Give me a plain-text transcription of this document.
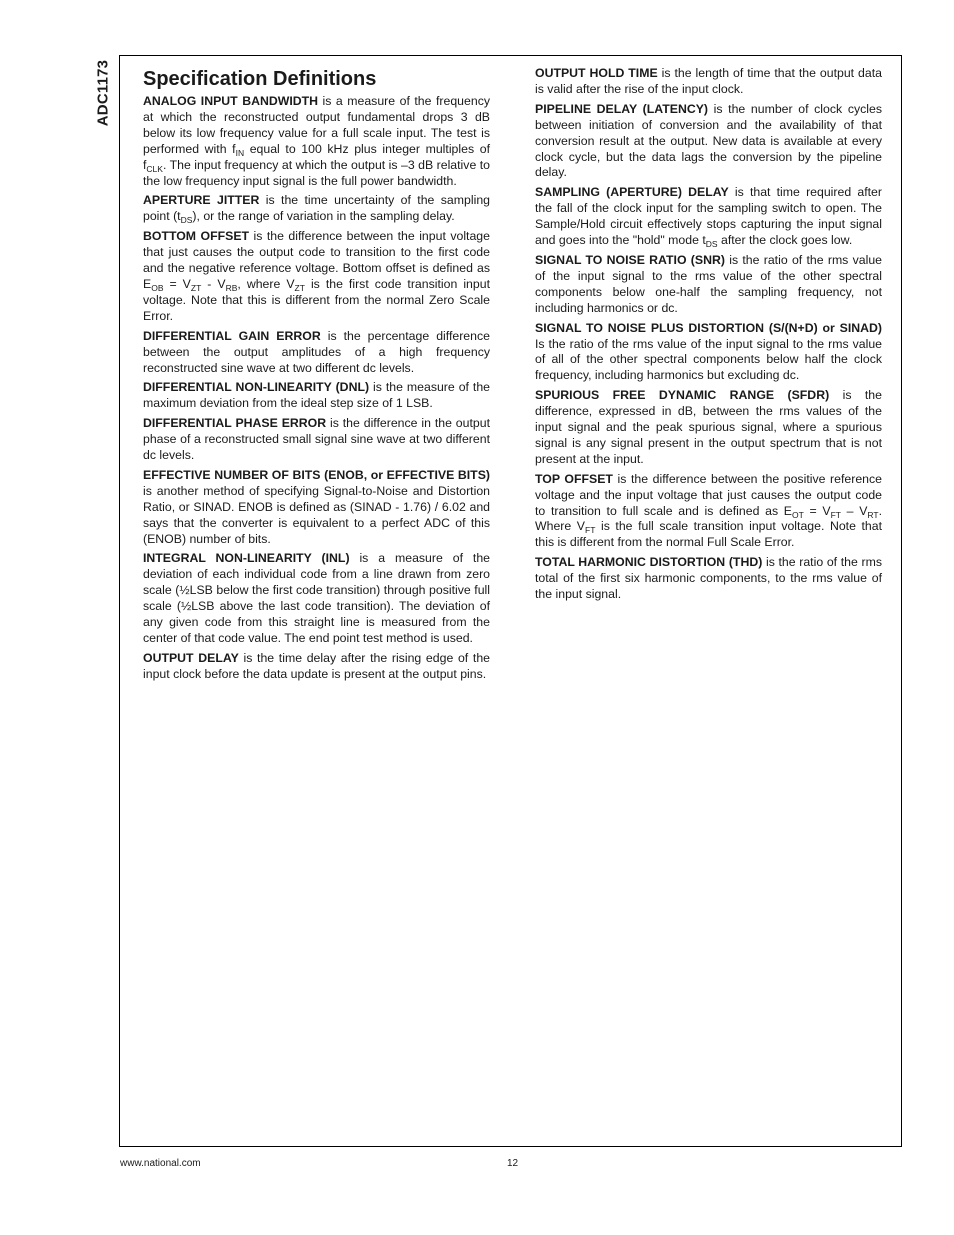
ADC1173 Specification Definitions

ANALOG INPUT BANDWIDTH is a measure of the frequency at which the reconstructed output fundamental drops 3 dB below its low frequency value for a full scale input. The test is performed with $f_{IN}$ equal to 100 kHz plus integer multiples of $f_{CLK}$. The input frequency at which the output is –3 dB relative to the low frequency input signal is the full power bandwidth.

APERTURE JITTER is the time uncertainty of the sampling point $(t_{DS})$, or the range of variation in the sampling delay.

BOTTOM OFFSET is the difference between the input voltage that just causes the output code to transition to the first code and the negative reference voltage. Bottom offset is defined as $E_{OB} = V_{ZT} - V_{RB}$, where $V_{ZT}$ is the first code transition input voltage. Note that this is different from the normal Zero Scale Error.

DIFFERENTIAL GAIN ERROR is the percentage difference between the output amplitudes of a high frequency reconstructed sine wave at two different dc levels.

DIFFERENTIAL NON-LINEARITY (DNL) is the measure of the maximum deviation from the ideal step size of 1 LSB.

DIFFERENTIAL PHASE ERROR is the difference in the output phase of a reconstructed small signal sine wave at two different dc levels.

EFFECTIVE NUMBER OF BITS (ENOB, or EFFECTIVE BITS) is another method of specifying Signal-to-Noise and Distortion Ratio, or SINAD. ENOB is defined as (SINAD - 1.76) / 6.02 and says that the converter is equivalent to a perfect ADC of this (ENOB) number of bits.

INTEGRAL NON-LINEARITY (INL) is a measure of the deviation of each individual code from a line drawn from zero scale (½LSB below the first code transition) through positive full scale (½LSB above the last code transition). The deviation of any given code from this straight line is measured from the center of that code value. The end point test method is used.

OUTPUT DELAY is the time delay after the rising edge of the input clock before the data update is present at the output pins.

OUTPUT HOLD TIME is the length of time that the output data is valid after the rise of the input clock.

PIPELINE DELAY (LATENCY) is the number of clock cycles between initiation of conversion and the availability of that conversion result at the output. New data is available at every clock cycle, but the data lags the conversion by the pipeline delay.

SAMPLING (APERTURE) DELAY is that time required after the fall of the clock input for the sampling switch to open. The Sample/Hold circuit effectively stops capturing the input signal and goes into the "hold" mode $t_{DS}$ after the clock goes low.

SIGNAL TO NOISE RATIO (SNR) is the ratio of the rms value of the input signal to the rms value of the other spectral components below one-half the sampling frequency, not including harmonics or dc.

SIGNAL TO NOISE PLUS DISTORTION (S/(N+D) or SINAD) Is the ratio of the rms value of the input signal to the rms value of all of the other spectral components below half the clock frequency, including harmonics but excluding dc.

SPURIOUS FREE DYNAMIC RANGE (SFDR) is the difference, expressed in dB, between the rms values of the input signal and the peak spurious signal, where a spurious signal is any signal present in the output spectrum that is not present at the input.

TOP OFFSET is the difference between the positive reference voltage and the input voltage that just causes the output code to transition to full scale and is defined as $E_{OT} = V_{FT} - V_{RT}$. Where $V_{FT}$ is the full scale transition input voltage. Note that this is different from the normal Full Scale Error.

TOTAL HARMONIC DISTORTION (THD) is the ratio of the rms total of the first six harmonic components, to the rms value of the input signal.

www.national.com	12
